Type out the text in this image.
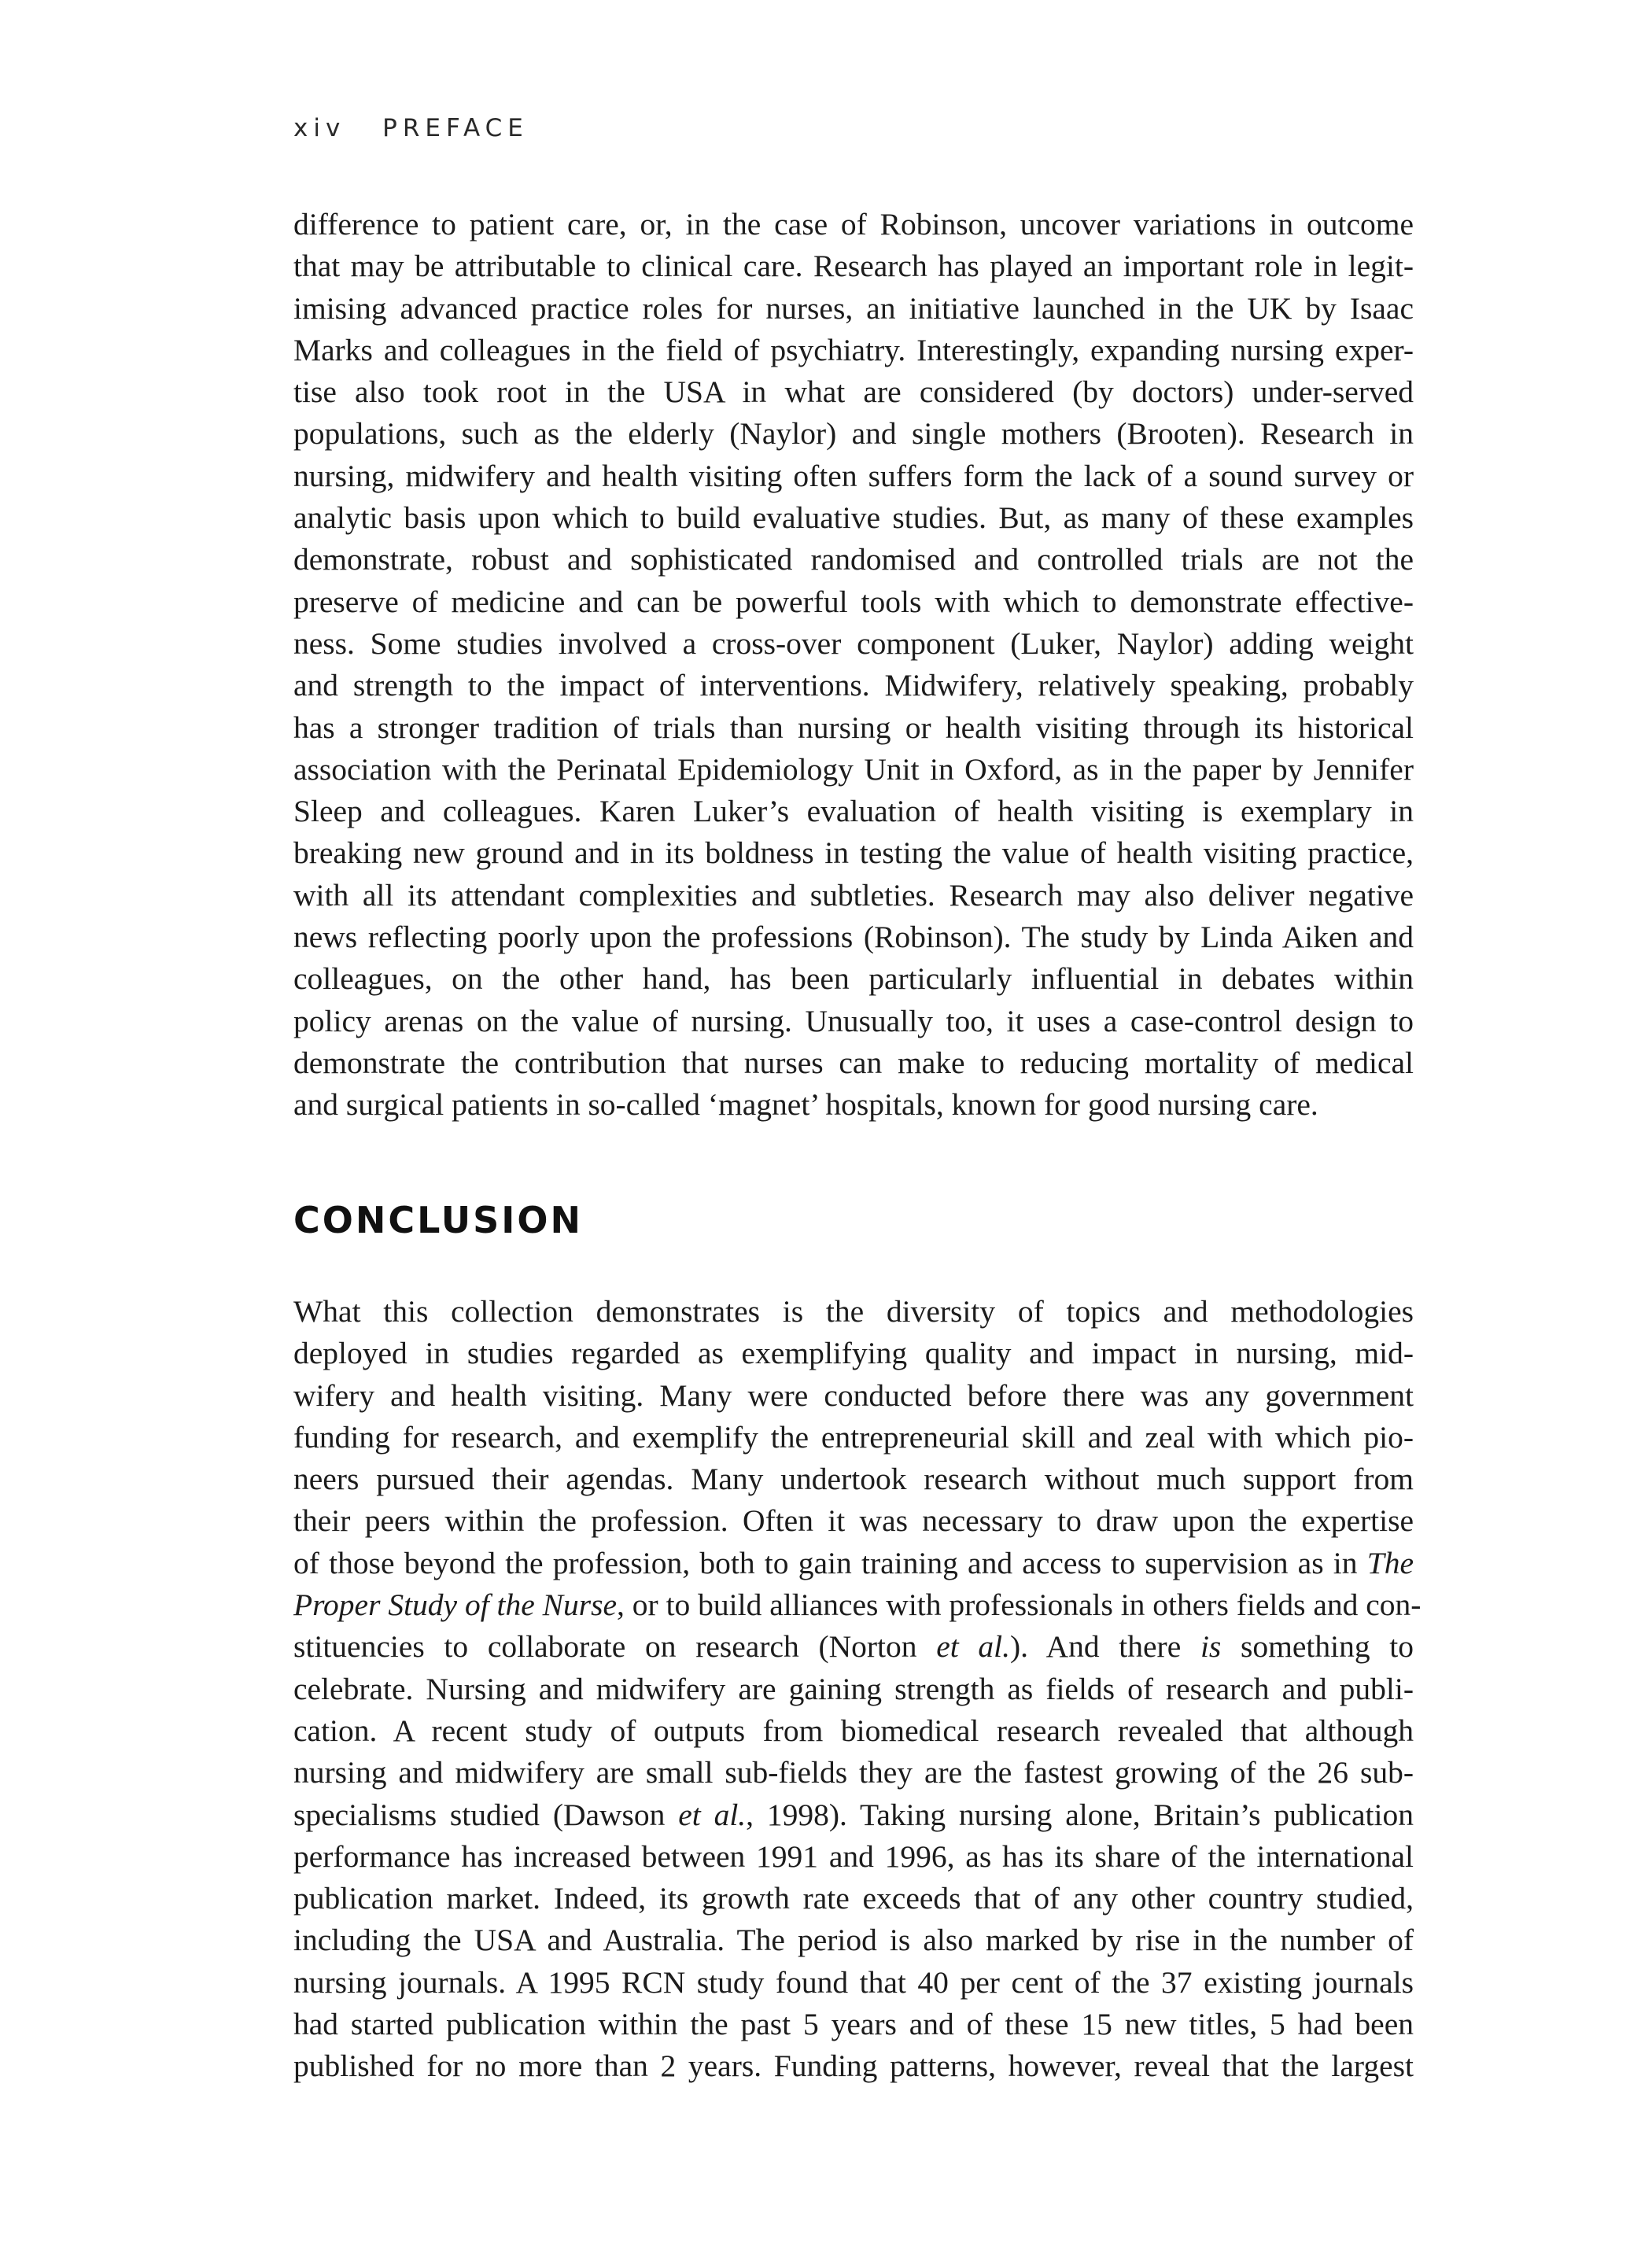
xiv PREFACE
difference to patient care, or, in the case of Robinson, uncover variations in outcome
that may be attributable to clinical care. Research has played an important role in legit-
imising advanced practice roles for nurses, an initiative launched in the UK by Isaac
Marks and colleagues in the field of psychiatry. Interestingly, expanding nursing exper-
tise also took root in the USA in what are considered (by doctors) under-served
populations, such as the elderly (Naylor) and single mothers (Brooten). Research in
nursing, midwifery and health visiting often suffers form the lack of a sound survey or
analytic basis upon which to build evaluative studies. But, as many of these examples
demonstrate, robust and sophisticated randomised and controlled trials are not the
preserve of medicine and can be powerful tools with which to demonstrate effective-
ness. Some studies involved a cross-over component (Luker, Naylor) adding weight
and strength to the impact of interventions. Midwifery, relatively speaking, probably
has a stronger tradition of trials than nursing or health visiting through its historical
association with the Perinatal Epidemiology Unit in Oxford, as in the paper by Jennifer
Sleep and colleagues. Karen Luker’s evaluation of health visiting is exemplary in
breaking new ground and in its boldness in testing the value of health visiting practice,
with all its attendant complexities and subtleties. Research may also deliver negative
news reflecting poorly upon the professions (Robinson). The study by Linda Aiken and
colleagues, on the other hand, has been particularly influential in debates within
policy arenas on the value of nursing. Unusually too, it uses a case-control design to
demonstrate the contribution that nurses can make to reducing mortality of medical
and surgical patients in so-called ‘magnet’ hospitals, known for good nursing care.
CONCLUSION
What this collection demonstrates is the diversity of topics and methodologies
deployed in studies regarded as exemplifying quality and impact in nursing, mid-
wifery and health visiting. Many were conducted before there was any government
funding for research, and exemplify the entrepreneurial skill and zeal with which pio-
neers pursued their agendas. Many undertook research without much support from
their peers within the profession. Often it was necessary to draw upon the expertise
of those beyond the profession, both to gain training and access to supervision as in The
Proper Study of the Nurse, or to build alliances with professionals in others fields and con-
stituencies to collaborate on research (Norton et al.). And there is something to
celebrate. Nursing and midwifery are gaining strength as fields of research and publi-
cation. A recent study of outputs from biomedical research revealed that although
nursing and midwifery are small sub-fields they are the fastest growing of the 26 sub-
specialisms studied (Dawson et al., 1998). Taking nursing alone, Britain’s publication
performance has increased between 1991 and 1996, as has its share of the international
publication market. Indeed, its growth rate exceeds that of any other country studied,
including the USA and Australia. The period is also marked by rise in the number of
nursing journals. A 1995 RCN study found that 40 per cent of the 37 existing journals
had started publication within the past 5 years and of these 15 new titles, 5 had been
published for no more than 2 years. Funding patterns, however, reveal that the largest
